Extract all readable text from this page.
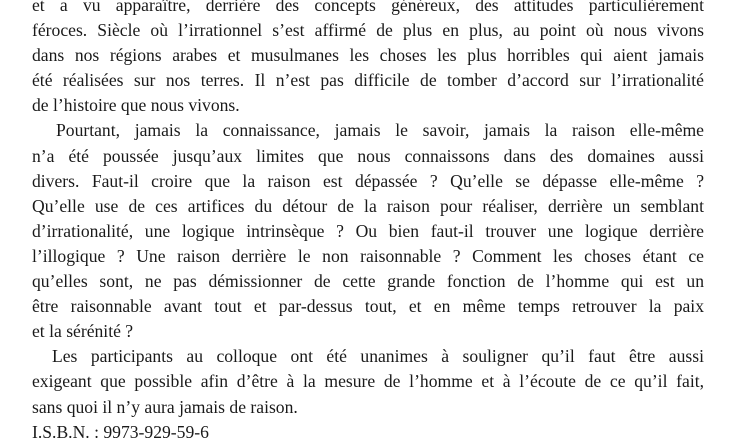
et a vu apparaître, derrière des concepts généreux, des attitudes particulièrement
féroces. Siècle où l’irrationnel s’est affirmé de plus en plus, au point où nous vivons
dans nos régions arabes et musulmanes les choses les plus horribles qui aient jamais
été réalisées sur nos terres. Il n’est pas difficile de tomber d’accord sur l’irrationalité
de l’histoire que nous vivons.

Pourtant, jamais la connaissance, jamais le savoir, jamais la raison elle-même
n’a été poussée jusqu’aux limites que nous connaissons dans des domaines aussi
divers. Faut-il croire que la raison est dépassée ? Qu’elle se dépasse elle-même ?
Qu’elle use de ces artifices du détour de la raison pour réaliser, derrière un semblant
d’irrationalité, une logique intrinsèque ? Ou bien faut-il trouver une logique derrière
l’illogique ? Une raison derrière le non raisonnable ? Comment les choses étant ce
qu’elles sont, ne pas démissionner de cette grande fonction de l’homme qui est un
être raisonnable avant tout et par-dessus tout, et en même temps retrouver la paix
et la sérénité ?

Les participants au colloque ont été unanimes à souligner qu’il faut être aussi
exigeant que possible afin d’être à la mesure de l’homme et à l’écoute de ce qu’il fait,
sans quoi il n’y aura jamais de raison.

I.S.B.N. : 9973-929-59-6
